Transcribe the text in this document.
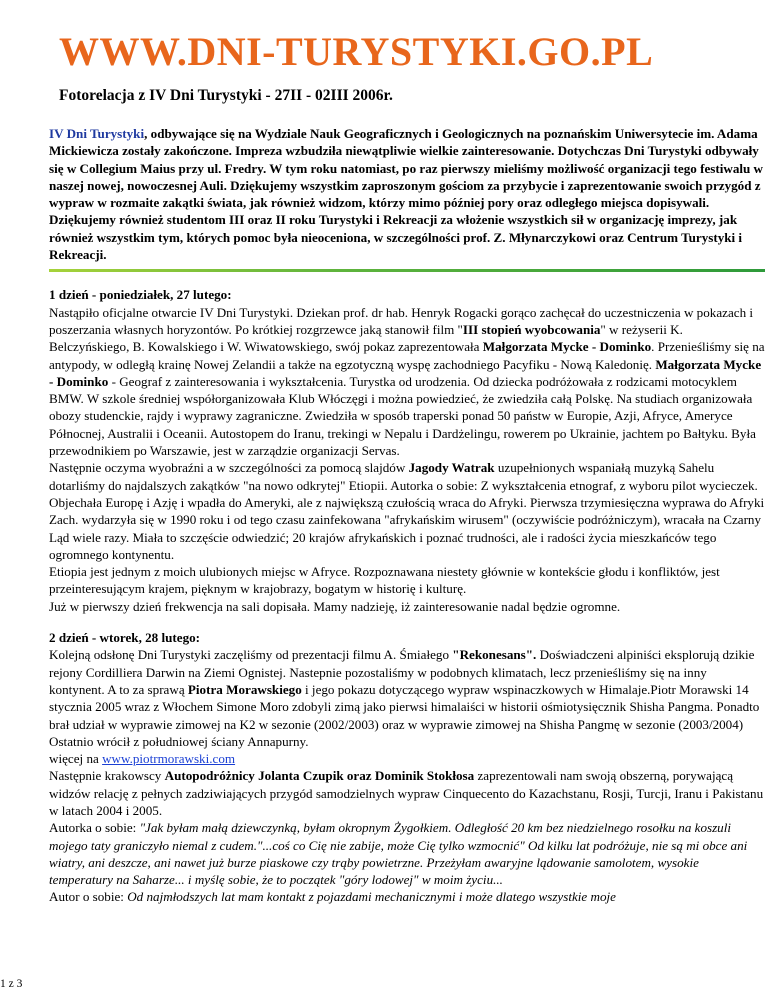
WWW.DNI-TURYSTYKI.GO.PL
Fotorelacja z IV Dni Turystyki - 27II - 02III 2006r.
IV Dni Turystyki, odbywające się na Wydziale Nauk Geograficznych i Geologicznych na poznańskim Uniwersytecie im. Adama Mickiewicza zostały zakończone. Impreza wzbudziła niewątpliwie wielkie zainteresowanie. Dotychczas Dni Turystyki odbywały się w Collegium Maius przy ul. Fredry. W tym roku natomiast, po raz pierwszy mieliśmy możliwość organizacji tego festiwalu w naszej nowej, nowoczesnej Auli. Dziękujemy wszystkim zaproszonym gościom za przybycie i zaprezentowanie swoich przygód z wypraw w rozmaite zakątki świata, jak również widzom, którzy mimo później pory oraz odległego miejsca dopisywali. Dziękujemy również studentom III oraz II roku Turystyki i Rekreacji za włożenie wszystkich sił w organizację imprezy, jak również wszystkim tym, których pomoc była nieoceniona, w szczególności prof. Z. Młynarczykowi oraz Centrum Turystyki i Rekreacji.
1 dzień - poniedziałek, 27 lutego:

Nastąpiło oficjalne otwarcie IV Dni Turystyki. Dziekan prof. dr hab. Henryk Rogacki gorąco zachęcał do uczestniczenia w pokazach i poszerzania własnych horyzontów. Po krótkiej rozgrzewce jaką stanowił film "III stopień wyobcowania" w reżyserii K. Belczyńskiego, B. Kowalskiego i W. Wiwatowskiego, swój pokaz zaprezentowała Małgorzata Mycke - Dominko. Przenieśliśmy się na antypody, w odległą krainę Nowej Zelandii a także na egzotyczną wyspę zachodniego Pacyfiku - Nową Kaledonię. Małgorzata Mycke - Dominko - Geograf z zainteresowania i wykształcenia. Turystka od urodzenia. Od dziecka podróżowała z rodzicami motocyklem BMW. W szkole średniej współorganizowała Klub Włóczęgi i można powiedzieć, że zwiedziła całą Polskę. Na studiach organizowała obozy studenckie, rajdy i wyprawy zagraniczne. Zwiedziła w sposób traperski ponad 50 państw w Europie, Azji, Afryce, Ameryce Północnej, Australii i Oceanii. Autostopem do Iranu, trekingi w Nepalu i Dardżelingu, rowerem po Ukrainie, jachtem po Bałtyku. Była przewodnikiem po Warszawie, jest w zarządzie organizacji Servas.

Następnie oczyma wyobraźni a w szczególności za pomocą slajdów Jagody Watrak uzupełnionych wspaniałą muzyką Sahelu dotarliśmy do najdalszych zakątków "na nowo odkrytej" Etiopii. Autorka o sobie: Z wykształcenia etnograf, z wyboru pilot wycieczek. Objechała Europę i Azję i wpadła do Ameryki, ale z największą czułością wraca do Afryki. Pierwsza trzymiesięczna wyprawa do Afryki Zach. wydarzyła się w 1990 roku i od tego czasu zainfekowana "afrykańskim wirusem" (oczywiście podróżniczym), wracała na Czarny Ląd wiele razy. Miała to szczęście odwiedzić; 20 krajów afrykańskich i poznać trudności, ale i radości życia mieszkańców tego ogromnego kontynentu.

Etiopia jest jednym z moich ulubionych miejsc w Afryce. Rozpoznawana niestety głównie w kontekście głodu i konfliktów, jest przeinteresującym krajem, pięknym w krajobrazy, bogatym w historię i kulturę.

Już w pierwszy dzień frekwencja na sali dopisała. Mamy nadzieję, iż zainteresowanie nadal będzie ogromne.

2 dzień - wtorek, 28 lutego:

Kolejną odsłonę Dni Turystyki zaczęliśmy od prezentacji filmu A. Śmiałego "Rekonesans". Doświadczeni alpiniści eksplorują dzikie rejony Cordilliera Darwin na Ziemi Ognistej. Nastepnie pozostaliśmy w podobnych klimatach, lecz przenieśliśmy się na inny kontynent. A to za sprawą Piotra Morawskiego i jego pokazu dotyczącego wypraw wspinaczkowych w Himalaje.Piotr Morawski 14 stycznia 2005 wraz z Włochem Simone Moro zdobyli zimą jako pierwsi himalaiści w historii ośmiotysięcznik Shisha Pangma. Ponadto brał udział w wyprawie zimowej na K2 w sezonie (2002/2003) oraz w wyprawie zimowej na Shisha Pangmę w sezonie (2003/2004) Ostatnio wrócił z południowej ściany Annapurny.

więcej na www.piotrmorawski.com

Następnie krakowscy Autopodróżnicy Jolanta Czupik oraz Dominik Stokłosa zaprezentowali nam swoją obszerną, porywającą widzów relację z pełnych zadziwiających przygód samodzielnych wypraw Cinquecento do Kazachstanu, Rosji, Turcji, Iranu i Pakistanu w latach 2004 i 2005.

Autorka o sobie: "Jak byłam małą dziewczynką, byłam okropnym Żygołkiem. Odległość 20 km bez niedzielnego rosołku na koszuli mojego taty graniczyło niemal z cudem."...coś co Cię nie zabije, może Cię tylko wzmocnić" Od kilku lat podróżuje, nie są mi obce ani wiatry, ani deszcze, ani nawet już burze piaskowe czy trąby powietrzne. Przeżyłam awaryjne lądowanie samolotem, wysokie temperatury na Saharze... i myślę sobie, że to początek "góry lodowej" w moim życiu...

Autor o sobie: Od najmłodszych lat mam kontakt z pojazdami mechanicznymi i może dlatego wszystkie moje

1 z 3
